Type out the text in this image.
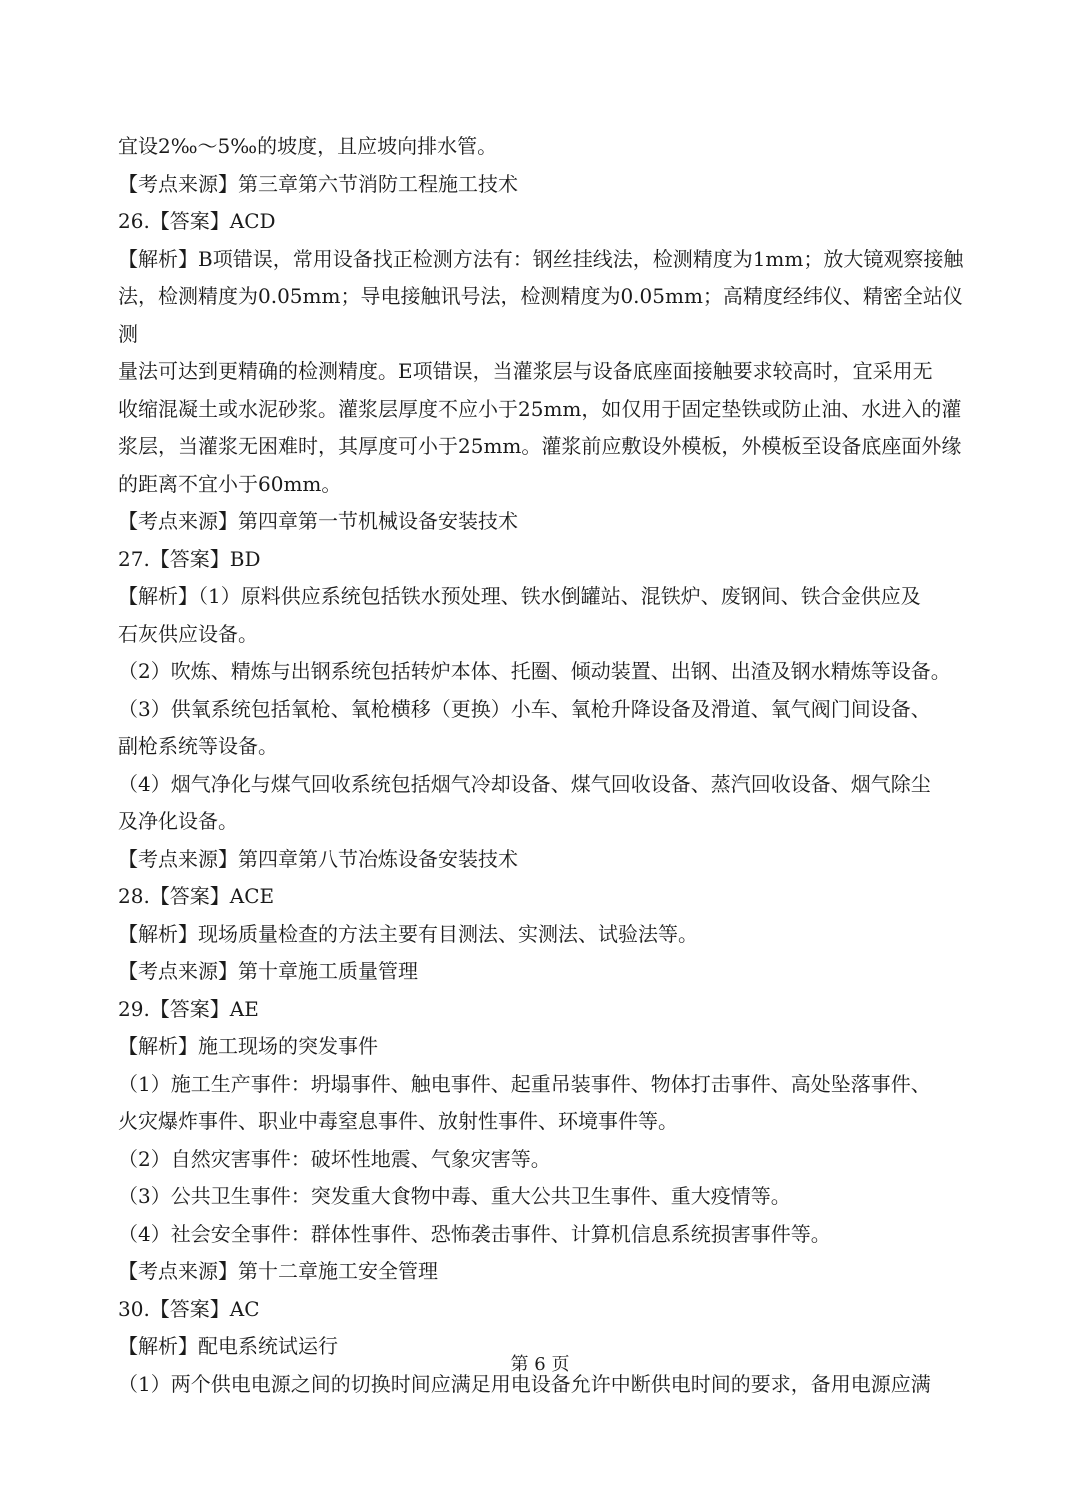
宜设2‰～5‰的坡度，且应坡向排水管。

【考点来源】第三章第六节消防工程施工技术

26.【答案】ACD

【解析】B项错误，常用设备找正检测方法有：钢丝挂线法，检测精度为1mm；放大镜观察接触

法，检测精度为0.05mm；导电接触讯号法，检测精度为0.05mm；高精度经纬仪、精密全站仪测

量法可达到更精确的检测精度。E项错误，当灌浆层与设备底座面接触要求较高时，宜采用无

收缩混凝土或水泥砂浆。灌浆层厚度不应小于25mm，如仅用于固定垫铁或防止油、水进入的灌

浆层，当灌浆无困难时，其厚度可小于25mm。灌浆前应敷设外模板，外模板至设备底座面外缘

的距离不宜小于60mm。

【考点来源】第四章第一节机械设备安装技术

27.【答案】BD

【解析】（1）原料供应系统包括铁水预处理、铁水倒罐站、混铁炉、废钢间、铁合金供应及

石灰供应设备。

（2）吹炼、精炼与出钢系统包括转炉本体、托圈、倾动装置、出钢、出渣及钢水精炼等设备。

（3）供氧系统包括氧枪、氧枪横移（更换）小车、氧枪升降设备及滑道、氧气阀门间设备、

副枪系统等设备。

（4）烟气净化与煤气回收系统包括烟气冷却设备、煤气回收设备、蒸汽回收设备、烟气除尘

及净化设备。

【考点来源】第四章第八节冶炼设备安装技术

28.【答案】ACE

【解析】现场质量检查的方法主要有目测法、实测法、试验法等。

【考点来源】第十章施工质量管理

29.【答案】AE

【解析】施工现场的突发事件

（1）施工生产事件：坍塌事件、触电事件、起重吊装事件、物体打击事件、高处坠落事件、

火灾爆炸事件、职业中毒窒息事件、放射性事件、环境事件等。

（2）自然灾害事件：破坏性地震、气象灾害等。

（3）公共卫生事件：突发重大食物中毒、重大公共卫生事件、重大疫情等。

（4）社会安全事件：群体性事件、恐怖袭击事件、计算机信息系统损害事件等。

【考点来源】第十二章施工安全管理

30.【答案】AC

【解析】配电系统试运行

（1）两个供电电源之间的切换时间应满足用电设备允许中断供电时间的要求，备用电源应满

第 6 页
